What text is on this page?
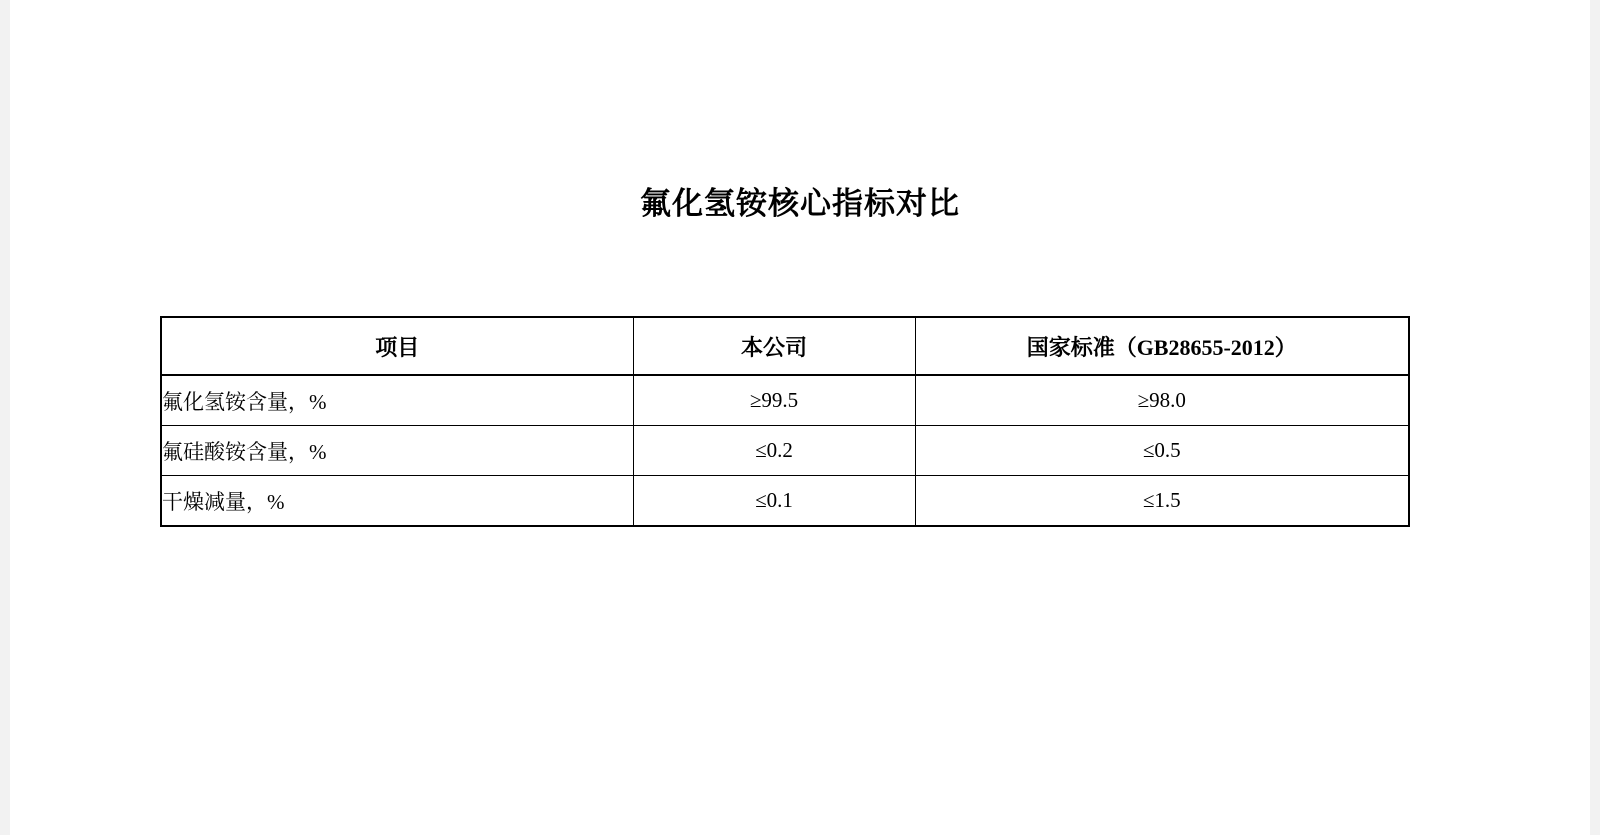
氟化氢铵核心指标对比
项目	本公司	国家标准（GB28655-2012）
氟化氢铵含量，%	≥99.5	≥98.0
氟硅酸铵含量，%	≤0.2	≤0.5
干燥减量，%	≤0.1	≤1.5
